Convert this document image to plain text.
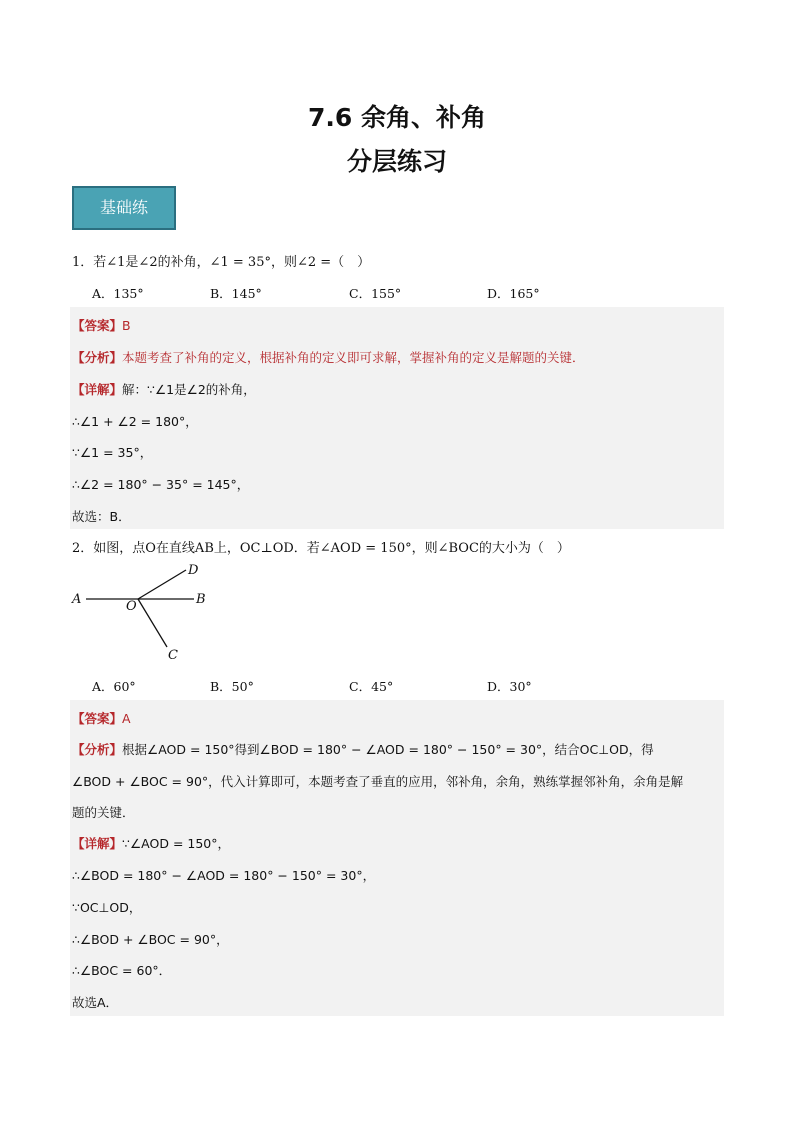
7.6 余角、补角
分层练习
基础练
1．若∠1是∠2的补角，∠1 = 35°，则∠2 =（　）
A．135°	B．145°	C．155°	D．165°
【答案】B
【分析】本题考查了补角的定义，根据补角的定义即可求解，掌握补角的定义是解题的关键．
【详解】解：∵∠1是∠2的补角，
∴∠1 + ∠2 = 180°，
∵∠1 = 35°，
∴∠2 = 180° − 35° = 145°，
故选：B．
2．如图，点O在直线AB上，OC⊥OD．若∠AOD = 150°，则∠BOC的大小为（　）
A	B
O
D
C
A．60°	B．50°	C．45°	D．30°
【答案】A
【分析】根据∠AOD = 150°得到∠BOD = 180° − ∠AOD = 180° − 150° = 30°，结合OC⊥OD，得
∠BOD + ∠BOC = 90°，代入计算即可，本题考查了垂直的应用，邻补角，余角，熟练掌握邻补角，余角是解
题的关键．
【详解】∵∠AOD = 150°，
∴∠BOD = 180° − ∠AOD = 180° − 150° = 30°，
∵OC⊥OD，
∴∠BOD + ∠BOC = 90°，
∴∠BOC = 60°．
故选A．
